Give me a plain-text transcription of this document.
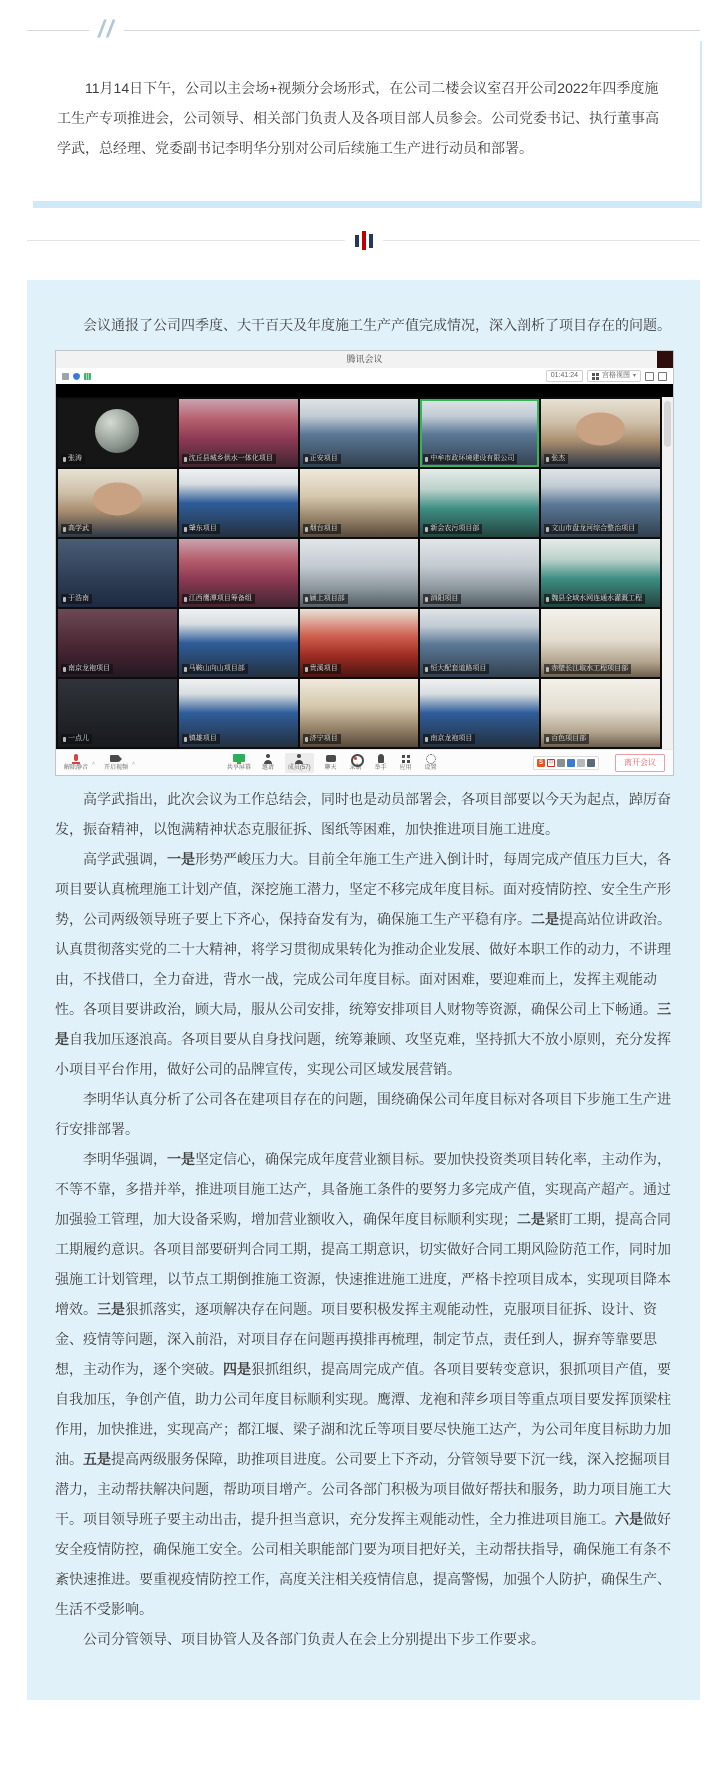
//

11月14日下午，公司以主会场+视频分会场形式，在公司二楼会议室召开公司2022年四季度施工生产专项推进会，公司领导、相关部门负责人及各项目部人员参会。公司党委书记、执行董事高学武，总经理、党委副书记李明华分别对公司后续施工生产进行动员和部署。

会议通报了公司四季度、大干百天及年度施工生产产值完成情况，深入剖析了项目存在的问题。

腾讯会议
01:41:24	宫格视图 ▾
张涛	沈丘县城乡供水一体化项目	正安项目	中牟市政环境建设有限公司	张杰
高学武	肇东项目	烟台项目	新会农污项目部	文山市盘龙河综合整治项目
于浩南	江西鹰潭项目筹备组	颍上项目部	泗阳项目	魏县全域水网连通水灌溉工程
南京龙袍项目	马鞍山向山项目部	贵溪项目	恒大配套道路项目	赤壁长江取水工程项目部
一点儿	镇雄项目	济宁项目	南京龙袍项目	百色项目部
解除静音
˄
开启视频
˄
共享屏幕 邀请 成员(57) 聊天 录制 举手 应用 设置
S	中	离开会议

高学武指出，此次会议为工作总结会，同时也是动员部署会，各项目部要以今天为起点，踔厉奋发，振奋精神，以饱满精神状态克服征拆、图纸等困难，加快推进项目施工进度。

高学武强调，一是形势严峻压力大。目前全年施工生产进入倒计时，每周完成产值压力巨大，各项目要认真梳理施工计划产值，深挖施工潜力，坚定不移完成年度目标。面对疫情防控、安全生产形势，公司两级领导班子要上下齐心，保持奋发有为，确保施工生产平稳有序。二是提高站位讲政治。认真贯彻落实党的二十大精神，将学习贯彻成果转化为推动企业发展、做好本职工作的动力，不讲理由，不找借口，全力奋进，背水一战，完成公司年度目标。面对困难，要迎难而上，发挥主观能动性。各项目要讲政治，顾大局，服从公司安排，统筹安排项目人财物等资源，确保公司上下畅通。三是自我加压逐浪高。各项目要从自身找问题，统筹兼顾、攻坚克难，坚持抓大不放小原则，充分发挥小项目平台作用，做好公司的品牌宣传，实现公司区域发展营销。

李明华认真分析了公司各在建项目存在的问题，围绕确保公司年度目标对各项目下步施工生产进行安排部署。

李明华强调，一是坚定信心，确保完成年度营业额目标。要加快投资类项目转化率，主动作为，不等不靠，多措并举，推进项目施工达产，具备施工条件的要努力多完成产值，实现高产超产。通过加强验工管理，加大设备采购，增加营业额收入，确保年度目标顺利实现；二是紧盯工期，提高合同工期履约意识。各项目部要研判合同工期，提高工期意识，切实做好合同工期风险防范工作，同时加强施工计划管理，以节点工期倒推施工资源，快速推进施工进度，严格卡控项目成本，实现项目降本增效。三是狠抓落实，逐项解决存在问题。项目要积极发挥主观能动性，克服项目征拆、设计、资金、疫情等问题，深入前沿，对项目存在问题再摸排再梳理，制定节点，责任到人，摒弃等靠要思想，主动作为，逐个突破。四是狠抓组织，提高周完成产值。各项目要转变意识，狠抓项目产值，要自我加压，争创产值，助力公司年度目标顺利实现。鹰潭、龙袍和萍乡项目等重点项目要发挥顶梁柱作用，加快推进，实现高产；都江堰、梁子湖和沈丘等项目要尽快施工达产，为公司年度目标助力加油。五是提高两级服务保障，助推项目进度。公司要上下齐动，分管领导要下沉一线，深入挖掘项目潜力，主动帮扶解决问题，帮助项目增产。公司各部门积极为项目做好帮扶和服务，助力项目施工大干。项目领导班子要主动出击，提升担当意识，充分发挥主观能动性，全力推进项目施工。六是做好安全疫情防控，确保施工安全。公司相关职能部门要为项目把好关，主动帮扶指导，确保施工有条不紊快速推进。要重视疫情防控工作，高度关注相关疫情信息，提高警惕，加强个人防护，确保生产、生活不受影响。

公司分管领导、项目协管人及各部门负责人在会上分别提出下步工作要求。
